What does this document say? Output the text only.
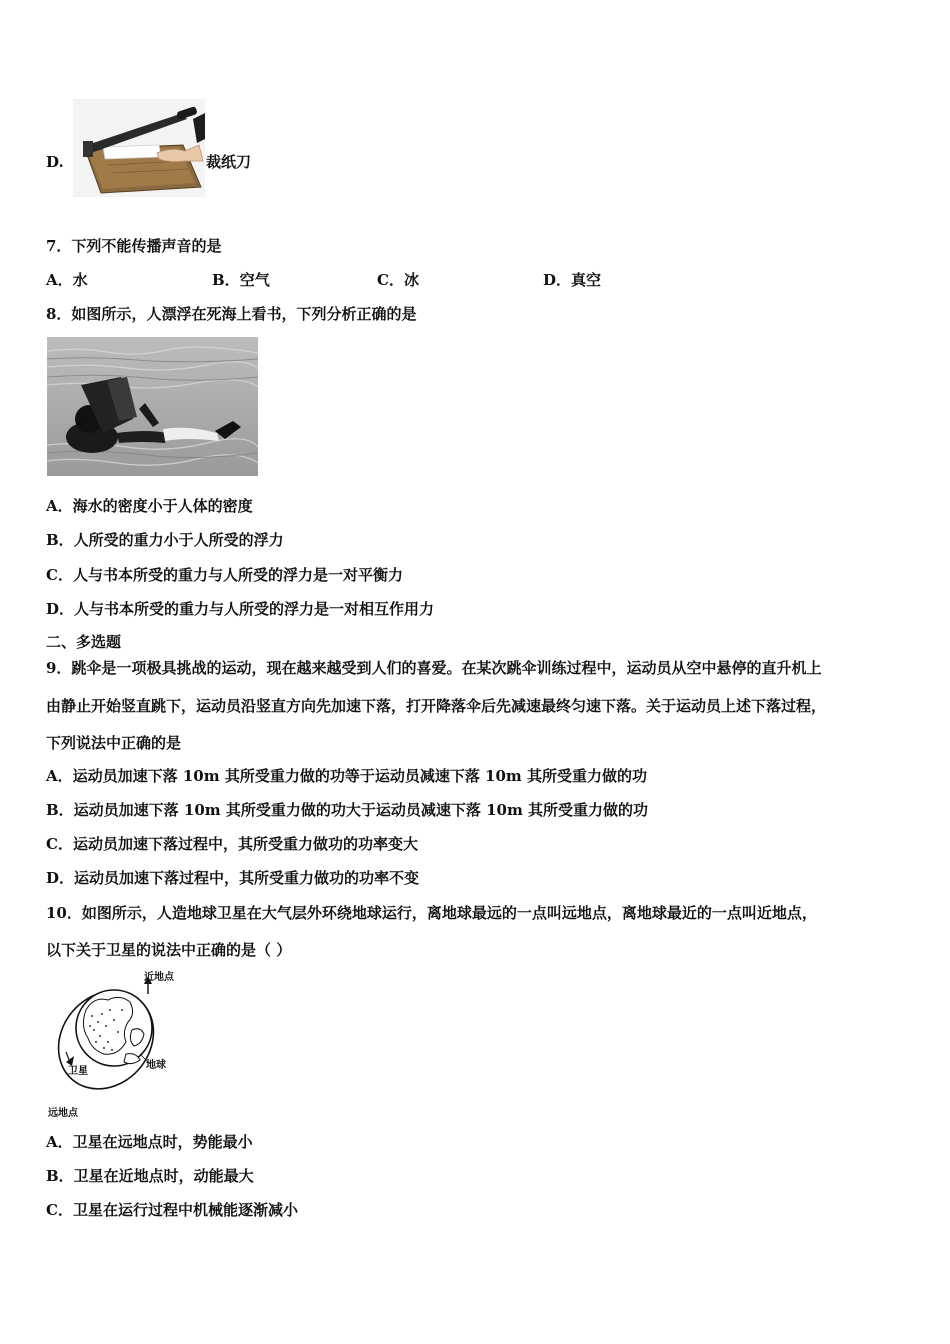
D.	裁纸刀
7．下列不能传播声音的是
A．水	B．空气	C．冰	D．真空
8．如图所示，人漂浮在死海上看书，下列分析正确的是
A．海水的密度小于人体的密度
B．人所受的重力小于人所受的浮力
C．人与书本所受的重力与人所受的浮力是一对平衡力
D．人与书本所受的重力与人所受的浮力是一对相互作用力
二、多选题
9．跳伞是一项极具挑战的运动，现在越来越受到人们的喜爱。在某次跳伞训练过程中，运动员从空中悬停的直升机上
由静止开始竖直跳下，运动员沿竖直方向先加速下落，打开降落伞后先减速最终匀速下落。关于运动员上述下落过程，
下列说法中正确的是
A．运动员加速下落 10m 其所受重力做的功等于运动员减速下落 10m 其所受重力做的功
B．运动员加速下落 10m 其所受重力做的功大于运动员减速下落 10m 其所受重力做的功
C．运动员加速下落过程中，其所受重力做功的功率变大
D．运动员加速下落过程中，其所受重力做功的功率不变
10．如图所示，人造地球卫星在大气层外环绕地球运行，离地球最远的一点叫远地点，离地球最近的一点叫近地点，
以下关于卫星的说法中正确的是（ ）
近地点
地球
卫星
远地点
A．卫星在远地点时，势能最小
B．卫星在近地点时，动能最大
C．卫星在运行过程中机械能逐渐减小
